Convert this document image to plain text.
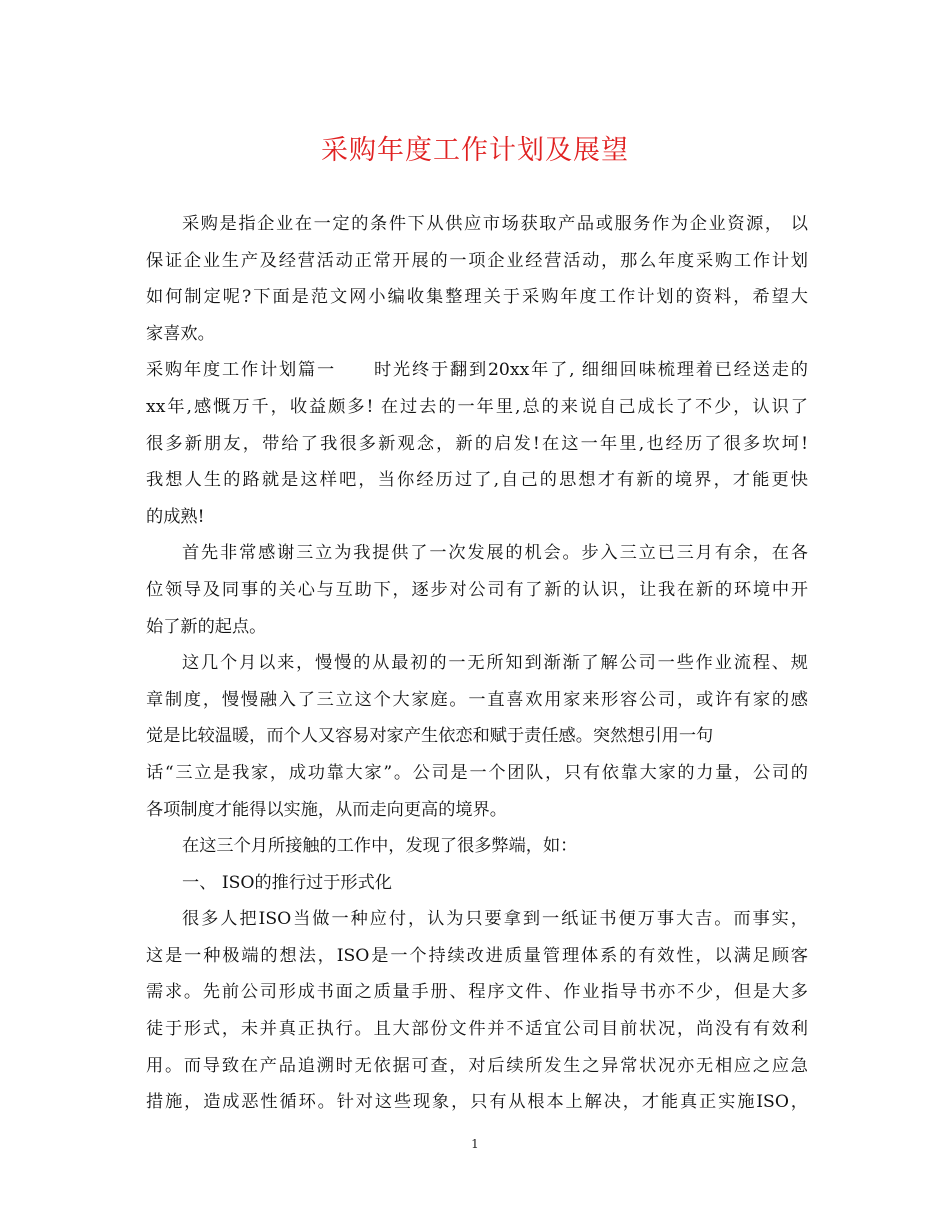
采购年度工作计划及展望
采购是指企业在一定的条件下从供应市场获取产品或服务作为企业资源， 以
保证企业生产及经营活动正常开展的一项企业经营活动，那么年度采购工作计划
如何制定呢?下面是范文网小编收集整理关于采购年度工作计划的资料，希望大
家喜欢。
采购年度工作计划篇一　　时光终于翻到20xx年了, 细细回味梳理着已经送走的
xx年,感慨万千，收益颇多! 在过去的一年里,总的来说自己成长了不少，认识了
很多新朋友，带给了我很多新观念，新的启发!在这一年里,也经历了很多坎坷!
我想人生的路就是这样吧，当你经历过了,自己的思想才有新的境界，才能更快
的成熟!
首先非常感谢三立为我提供了一次发展的机会。步入三立已三月有余，在各
位领导及同事的关心与互助下，逐步对公司有了新的认识，让我在新的环境中开
始了新的起点。
这几个月以来，慢慢的从最初的一无所知到渐渐了解公司一些作业流程、规
章制度，慢慢融入了三立这个大家庭。一直喜欢用家来形容公司，或许有家的感
觉是比较温暖，而个人又容易对家产生依恋和赋于责任感。突然想引用一句
话“三立是我家，成功靠大家”。公司是一个团队，只有依靠大家的力量，公司的
各项制度才能得以实施，从而走向更高的境界。
在这三个月所接触的工作中，发现了很多弊端，如：
一、 ISO的推行过于形式化
很多人把ISO当做一种应付，认为只要拿到一纸证书便万事大吉。而事实，
这是一种极端的想法，ISO是一个持续改进质量管理体系的有效性，以满足顾客
需求。先前公司形成书面之质量手册、程序文件、作业指导书亦不少，但是大多
徒于形式，未并真正执行。且大部份文件并不适宜公司目前状况，尚没有有效利
用。而导致在产品追溯时无依据可查，对后续所发生之异常状况亦无相应之应急
措施，造成恶性循环。针对这些现象，只有从根本上解决，才能真正实施ISO，
1
